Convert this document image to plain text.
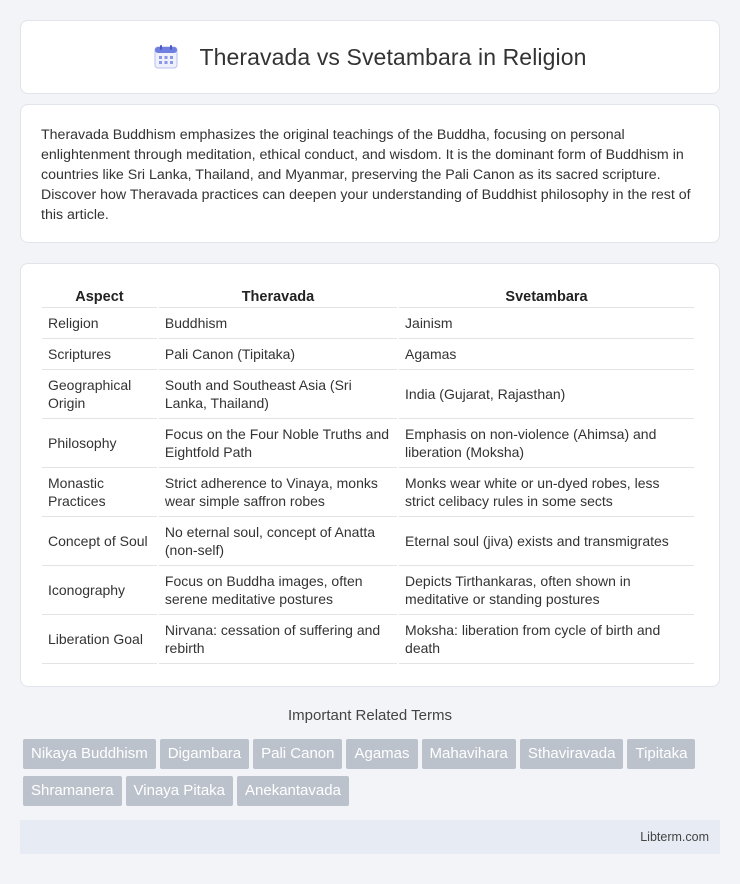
Theravada vs Svetambara in Religion

Theravada Buddhism emphasizes the original teachings of the Buddha, focusing on personal enlightenment through meditation, ethical conduct, and wisdom. It is the dominant form of Buddhism in countries like Sri Lanka, Thailand, and Myanmar, preserving the Pali Canon as its sacred scripture. Discover how Theravada practices can deepen your understanding of Buddhist philosophy in the rest of this article.

Aspect	Theravada	Svetambara
Religion	Buddhism	Jainism
Scriptures	Pali Canon (Tipitaka)	Agamas
Geographical Origin	South and Southeast Asia (Sri Lanka, Thailand)	India (Gujarat, Rajasthan)
Philosophy	Focus on the Four Noble Truths and Eightfold Path	Emphasis on non-violence (Ahimsa) and liberation (Moksha)
Monastic Practices	Strict adherence to Vinaya, monks wear simple saffron robes	Monks wear white or un-dyed robes, less strict celibacy rules in some sects
Concept of Soul	No eternal soul, concept of Anatta (non-self)	Eternal soul (jiva) exists and transmigrates
Iconography	Focus on Buddha images, often serene meditative postures	Depicts Tirthankaras, often shown in meditative or standing postures
Liberation Goal	Nirvana: cessation of suffering and rebirth	Moksha: liberation from cycle of birth and death
Important Related Terms
Nikaya Buddhism	Digambara	Pali Canon	Agamas	Mahavihara	Sthaviravada	Tipitaka
Shramanera	Vinaya Pitaka	Anekantavada
Libterm.com
